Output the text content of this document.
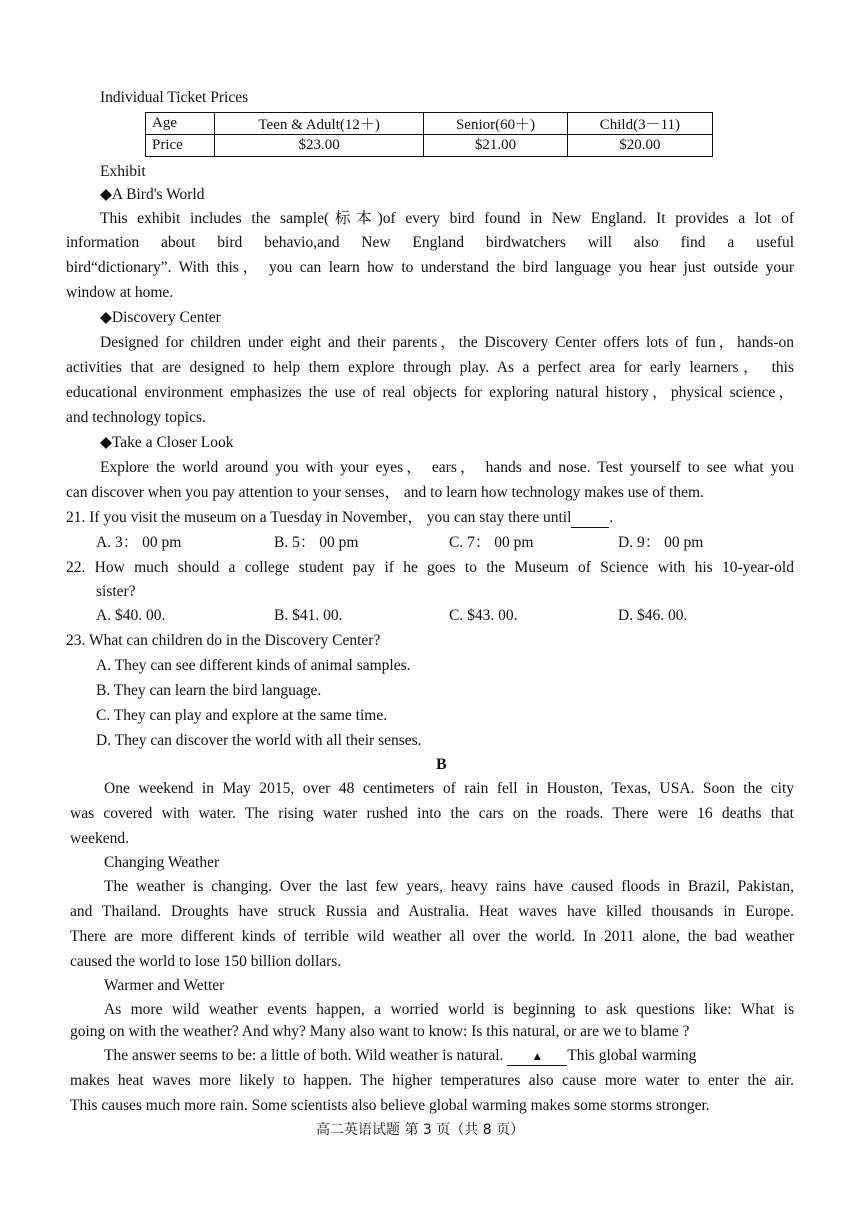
Individual Ticket Prices
Age	Teen & Adult(12＋)	Senior(60＋)	Child(3－11)
Price	$23.00	$21.00	$20.00
Exhibit
◆A Bird's World
This exhibit includes the sample(标本)of every bird found in New England. It provides a lot of
information about bird behavio,and New England birdwatchers will also find a useful
bird“dictionary”. With this， you can learn how to understand the bird language you hear just outside your
window at home.
◆Discovery Center
Designed for children under eight and their parents，the Discovery Center offers lots of fun，hands-on
activities that are designed to help them explore through play. As a perfect area for early learners， this
educational environment emphasizes the use of real objects for exploring natural history，physical science，
and technology topics.
◆Take a Closer Look
Explore the world around you with your eyes， ears， hands and nose. Test yourself to see what you
can discover when you pay attention to your senses， and to learn how technology makes use of them.
21. If you visit the museum on a Tuesday in November， you can stay there until .
A. 3： 00 pm	B. 5： 00 pm	C. 7： 00 pm	D. 9： 00 pm
22. How much should a college student pay if he goes to the Museum of Science with his 10-year-old
sister?
A. $40. 00.	B. $41. 00.	C. $43. 00.	D. $46. 00.
23. What can children do in the Discovery Center?
A. They can see different kinds of animal samples.
B. They can learn the bird language.
C. They can play and explore at the same time.
D. They can discover the world with all their senses.
B
One weekend in May 2015, over 48 centimeters of rain fell in Houston, Texas, USA. Soon the city
was covered with water. The rising water rushed into the cars on the roads. There were 16 deaths that
weekend.
Changing Weather
The weather is changing. Over the last few years, heavy rains have caused floods in Brazil, Pakistan,
and Thailand. Droughts have struck Russia and Australia. Heat waves have killed thousands in Europe.
There are more different kinds of terrible wild weather all over the world. In 2011 alone, the bad weather
caused the world to lose 150 billion dollars.
Warmer and Wetter
As more wild weather events happen, a worried world is beginning to ask questions like: What is
going on with the weather? And why? Many also want to know: Is this natural, or are we to blame ?
The answer seems to be: a little of both. Wild weather is natural. ▲ This global warming
makes heat waves more likely to happen. The higher temperatures also cause more water to enter the air.
This causes much more rain. Some scientists also believe global warming makes some storms stronger.
高二英语试题 第 3 页（共 8 页）
